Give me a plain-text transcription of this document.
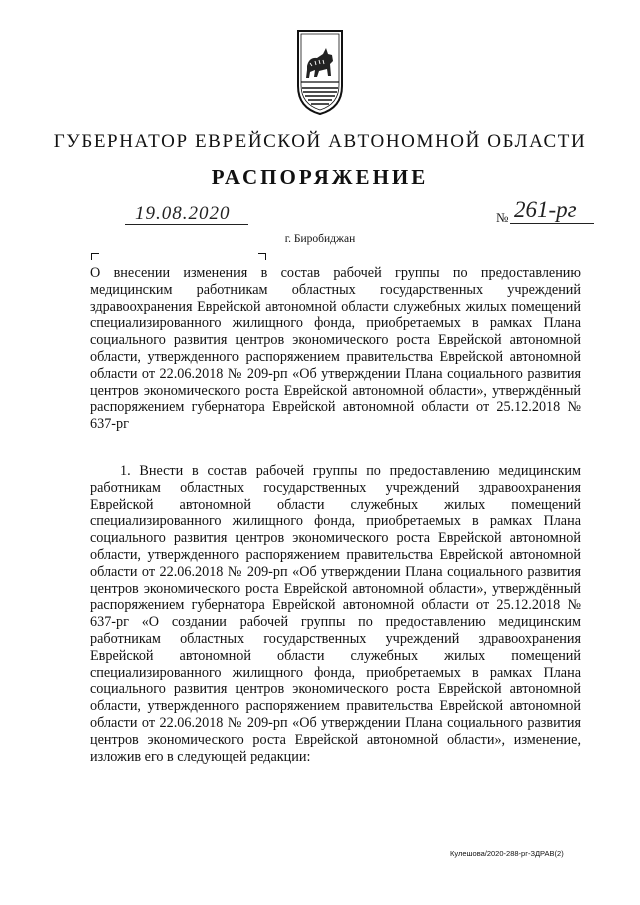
ГУБЕРНАТОР ЕВРЕЙСКОЙ АВТОНОМНОЙ ОБЛАСТИ
РАСПОРЯЖЕНИЕ
19.08.2020	№ 261-рг
г. Биробиджан
О внесении изменения в состав рабочей группы по предоставлению медицинским работникам областных государственных учреждений здравоохранения Еврейской автономной области служебных жилых помещений специализированного жилищного фонда, приобретаемых в рамках Плана социального развития центров экономического роста Еврейской автономной области, утвержденного распоряжением правительства Еврейской автономной области от 22.06.2018 № 209-рп «Об утверждении Плана социального развития центров экономического роста Еврейской автономной области», утверждённый распоряжением губернатора Еврейской автономной области от 25.12.2018 № 637-рг
1. Внести в состав рабочей группы по предоставлению медицинским работникам областных государственных учреждений здравоохранения Еврейской автономной области служебных жилых помещений специализированного жилищного фонда, приобретаемых в рамках Плана социального развития центров экономического роста Еврейской автономной области, утвержденного распоряжением правительства Еврейской автономной области от 22.06.2018 № 209-рп «Об утверждении Плана социального развития центров экономического роста Еврейской автономной области», утверждённый распоряжением губернатора Еврейской автономной области от 25.12.2018 № 637-рг «О создании рабочей группы по предоставлению медицинским работникам областных государственных учреждений здравоохранения Еврейской автономной области служебных жилых помещений специализированного жилищного фонда, приобретаемых в рамках Плана социального развития центров экономического роста Еврейской автономной области, утвержденного распоряжением правительства Еврейской автономной области от 22.06.2018 № 209-рп «Об утверждении Плана социального развития центров экономического роста Еврейской автономной области», изменение, изложив его в следующей редакции:
Кулешова/2020-288-рг-ЗДРАВ(2)
